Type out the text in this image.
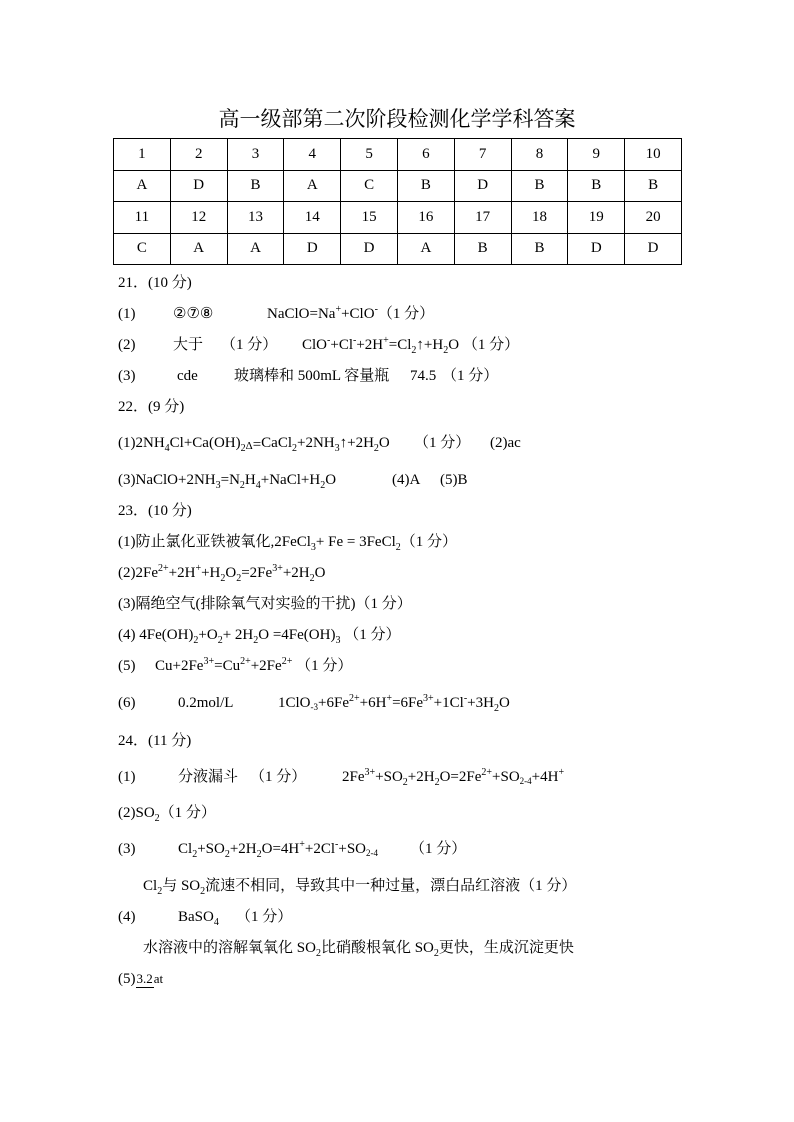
高一级部第二次阶段检测化学学科答案
1	2	3	4	5	6	7	8	9	10
A	D	B	A	C	B	D	B	B	B
11	12	13	14	15	16	17	18	19	20
C	A	A	D	D	A	B	B	D	D
21．(10 分)
(1)	②⑦⑧	NaClO=Na++ClO-（1 分）
(2)	大于 （1 分） $ClO^-+Cl^-+2H^+=Cl_2↑+H_2O$ （1 分）
(3)	cde 玻璃棒和 500mL 容量瓶 74.5 （1 分）
22．(9 分)
$(1)2NH_4Cl+Ca(OH)_2\Delta=CaCl_2+2NH_3↑+2H_2O$ （1 分） (2)ac
$(3)NaClO+2NH_3=N_2H_4+NaCl+H_2O$	(4)A (5)B
23．(10 分)
(1)防止氯化亚铁被氧化,2FeCl$_3$+ Fe = 3FeCl$_2$（1 分）
$(2)2Fe^{2+}+2H^++H_2O_2=2Fe^{3+}+2H_2O$
(3)隔绝空气(排除氧气对实验的干扰)（1 分）
(4) $4Fe(OH)_2+O_2+ 2H_2O =4Fe(OH)_3$ （1 分）
(5) $Cu+2Fe^{3+}=Cu^{2+}+2Fe^{2+}$ （1 分）
(6)	0.2mol/L	$1ClO-3+6Fe^{2+}+6H^+=6Fe^{3+}+1Cl^-+3H_2O$
24．(11 分)
(1)	分液漏斗 （1 分） $2Fe^{3+}+SO_2+2H_2O=2Fe^{2+}+SO2-4+4H^+$
$(2)SO_2(1$ 分）
(3)	$Cl_2+SO_2+2H_2O=4H^++2Cl^-+SO2-4$ （1 分）
$Cl_2$与 $SO_2$流速不相同，导致其中一种过量，漂白品红溶液（1 分）
(4)	BaSO$_4$ （1 分）
水溶液中的溶解氧氧化 $SO_2$比硝酸根氧化 $SO_2$更快，生成沉淀更快
(5)3.2at
